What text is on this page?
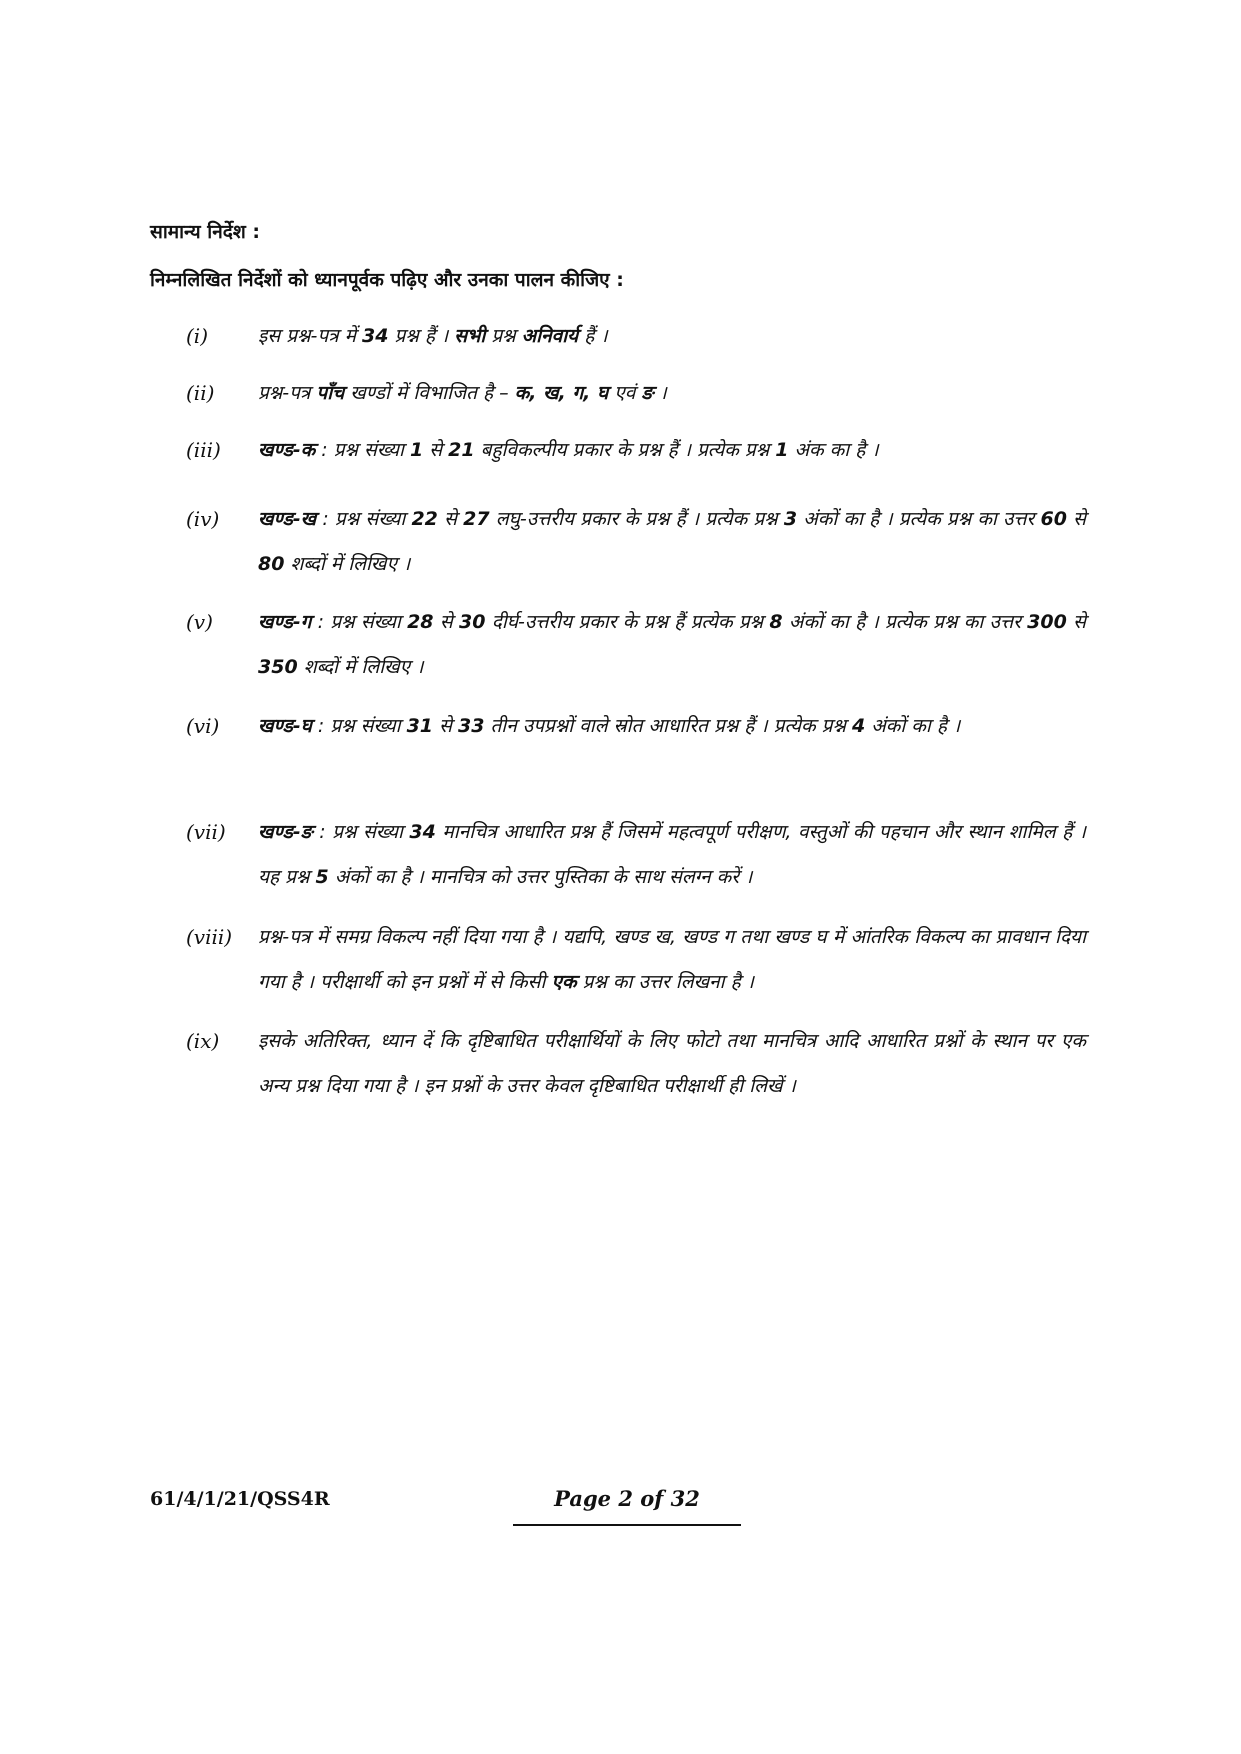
सामान्य निर्देश :
निम्नलिखित निर्देशों को ध्यानपूर्वक पढ़िए और उनका पालन कीजिए :
(i)	इस प्रश्न-पत्र में 34 प्रश्न हैं । सभी प्रश्न अनिवार्य हैं ।
(ii) प्रश्न-पत्र पाँच खण्डों में विभाजित है – क, ख, ग, घ एवं ङ ।
(iii) खण्ड-क : प्रश्न संख्या 1 से 21 बहुविकल्पीय प्रकार के प्रश्न हैं । प्रत्येक प्रश्न 1 अंक का है ।
(iv) खण्ड-ख : प्रश्न संख्या 22 से 27 लघु-उत्तरीय प्रकार के प्रश्न हैं । प्रत्येक प्रश्न 3 अंकों का है । प्रत्येक प्रश्न का उत्तर 60 से 80 शब्दों में लिखिए ।
(v) खण्ड-ग : प्रश्न संख्या 28 से 30 दीर्घ-उत्तरीय प्रकार के प्रश्न हैं प्रत्येक प्रश्न 8 अंकों का है । प्रत्येक प्रश्न का उत्तर 300 से 350 शब्दों में लिखिए ।
(vi) खण्ड-घ : प्रश्न संख्या 31 से 33 तीन उपप्रश्नों वाले स्रोत आधारित प्रश्न हैं । प्रत्येक प्रश्न 4 अंकों का है ।
(vii) खण्ड-ङ : प्रश्न संख्या 34 मानचित्र आधारित प्रश्न हैं जिसमें महत्वपूर्ण परीक्षण, वस्तुओं की पहचान और स्थान शामिल हैं । यह प्रश्न 5 अंकों का है । मानचित्र को उत्तर पुस्तिका के साथ संलग्न करें ।
(viii) प्रश्न-पत्र में समग्र विकल्प नहीं दिया गया है । यद्यपि, खण्ड ख, खण्ड ग तथा खण्ड घ में आंतरिक विकल्प का प्रावधान दिया गया है । परीक्षार्थी को इन प्रश्नों में से किसी एक प्रश्न का उत्तर लिखना है ।
(ix) इसके अतिरिक्त, ध्यान दें कि दृष्टिबाधित परीक्षार्थियों के लिए फोटो तथा मानचित्र आदि आधारित प्रश्नों के स्थान पर एक अन्य प्रश्न दिया गया है । इन प्रश्नों के उत्तर केवल दृष्टिबाधित परीक्षार्थी ही लिखें ।
61/4/1/21/QSS4R	Page 2 of 32
